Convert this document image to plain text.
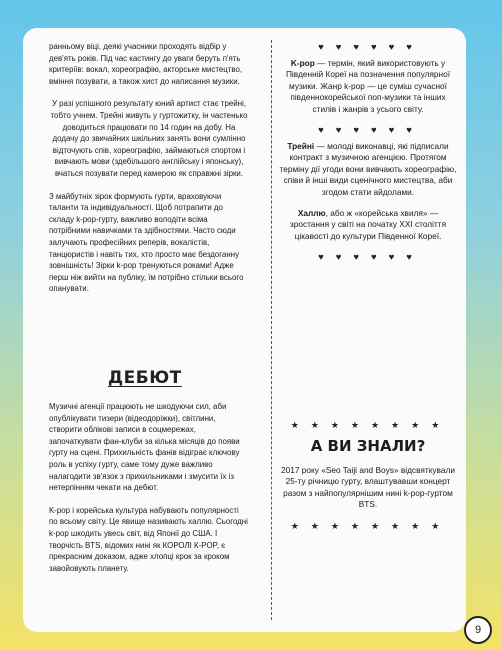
ранньому віці, деякі учасники проходять відбір у дев'ять років. Під час кастингу до уваги беруть п'ять критеріїв: вокал, хореографію, акторське мистецтво, вміння позувати, а також хист до написання музики.

У разі успішного результату юний артист стає трейні, тобто учнем. Трейні живуть у гуртожитку, ін частенько доводиться працювати по 14 годин на добу. На додачу до звичайних шкільних занять вони сумлінно відточують спів, хореографію, займаються спортом і вивчають мови (здебільшого англійську і японську), вчаться позувати перед камерою як справжні зірки.

З майбутніх зірок формують гурти, враховуючи таланти та індивідуальності. Щоб потрапити до складу k-pop-гурту, важливо володіти всіма потрібними навичками та здібностями. Часто сюди залучають професійних реперів, вокалістів, танцюристів і навіть тих, хто просто має бездоганну зовнішність! Зірки k-pop тренуються роками! Адже перш ніж вийти на публіку, їм потрібно стільки всього опанувати.

ДЕБЮТ

Музичні агенції працюють не шкодуючи сил, аби опублікувати тизери (відеодоріжки), світлини, створити облікові записи в соцмережах, започаткувати фан-клуби за кілька місяців до появи гурту на сцені. Прихильність фанів відіграє ключову роль в успіху гурту, саме тому дуже важливо налагодити зв'язок з прихильниками і змусити їх із нетерпінням чекати на дебют.

K-pop і корейська культура набувають популярності по всьому світу. Це явище називають халлю. Сьогодні k-pop шкодить увесь світ, від Японії до США. І творчість BTS, відомих нині як КОРОЛІ К-POP, є прекрасним доказом, адже хлопці крок за кроком завойовують планету.

♥♥♥♥♥♥

K-pop — термін, який використовують у Південній Кореї на позначення популярної музики. Жанр k-pop — це суміш сучасної південнокорейської поп-музики та інших стилів і жанрів з усього світу.

♥♥♥♥♥♥

Трейні — молоді виконавці, які підписали контракт з музичною агенцією. Протягом терміну дії угоди вони вивчають хореографію, співи й інші види сценічного мистецтва, аби згодом стати айдолами.

Халлю, або ж «корейська хвиля» — зростання у світі на початку XXI століття цікавості до культури Південної Кореї.

♥♥♥♥♥♥
★★★★★★★★
А ВИ ЗНАЛИ?

2017 року «Seo Taiji and Boys» відсвяткували 25-ту річницю гурту, влаштувавши концерт разом з найпопулярнішим нині k-pop-гуртом BTS.

★★★★★★★★
9
